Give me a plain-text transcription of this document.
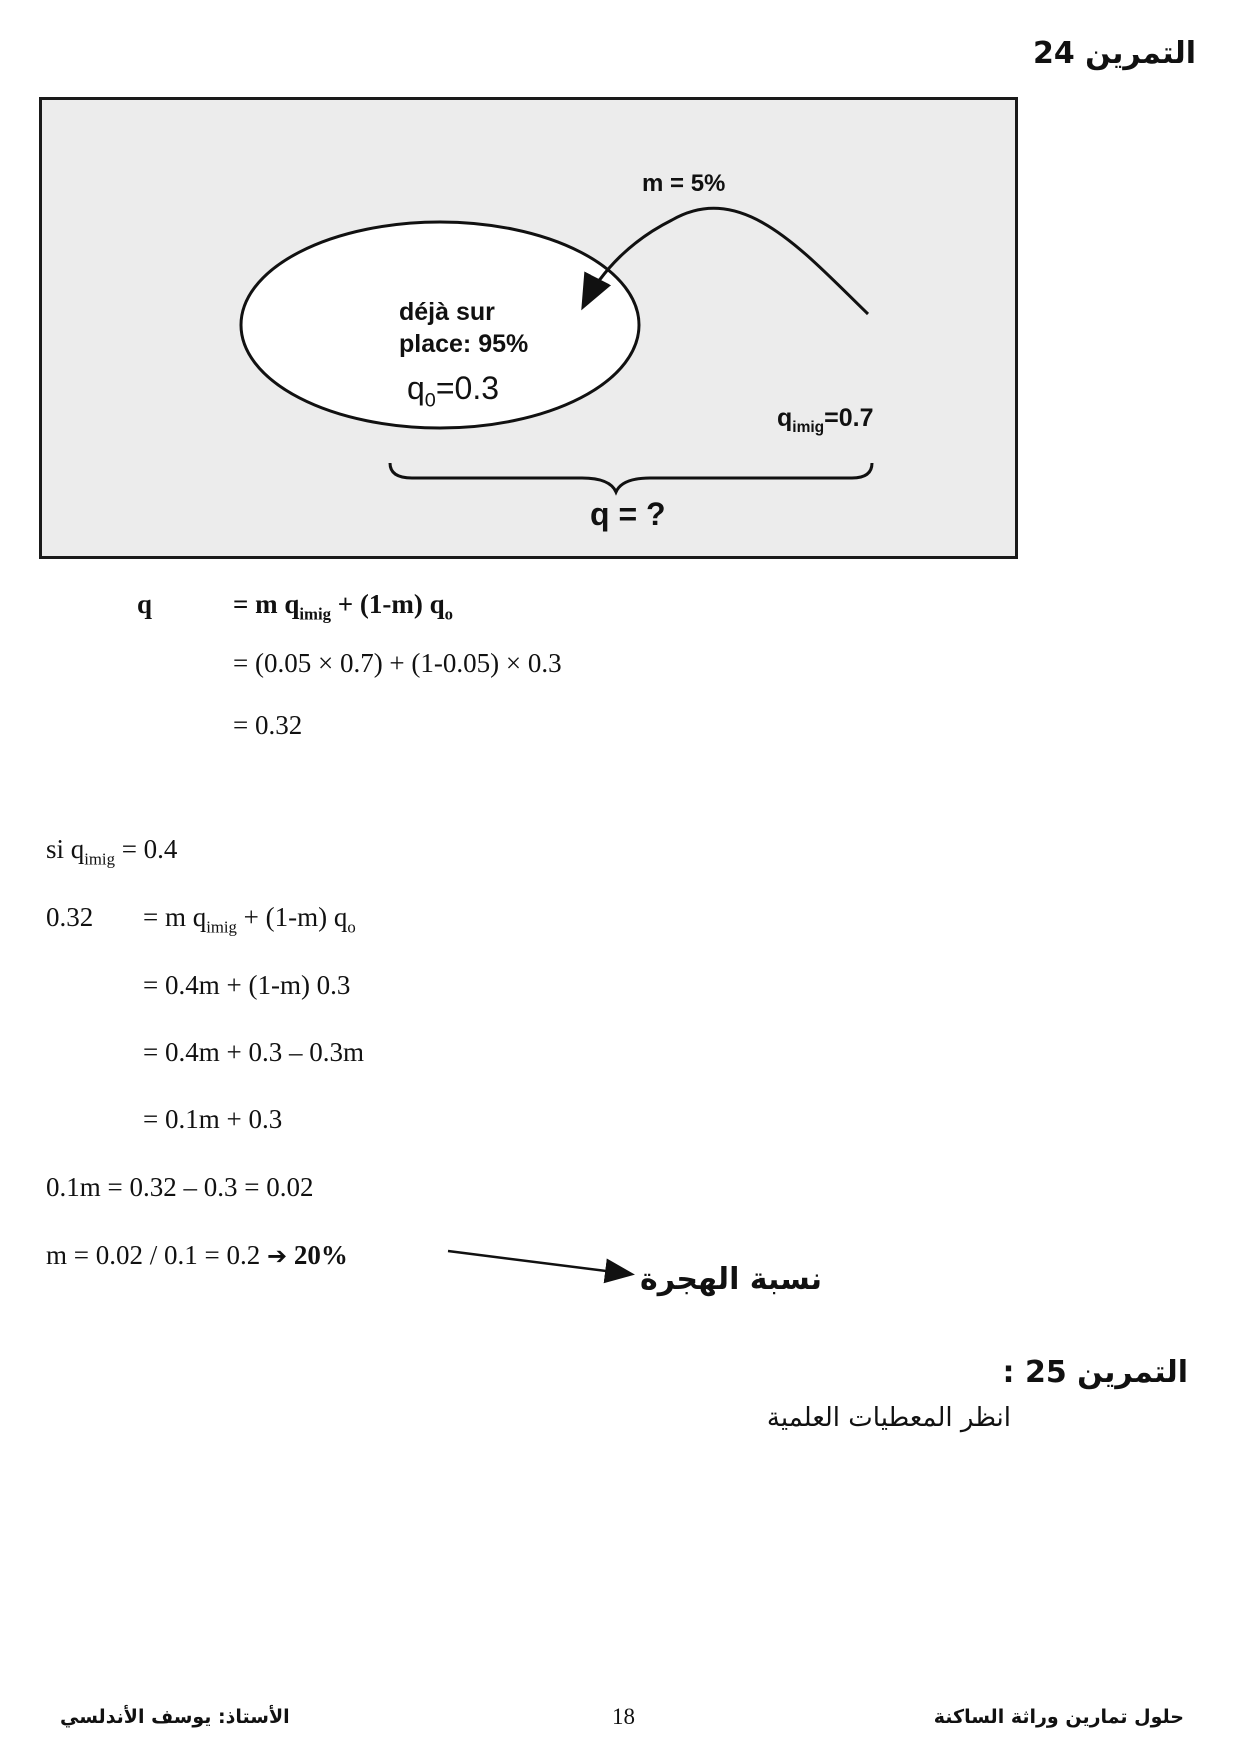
التمرين 24
m = 5%
déjà sur
place: 95%
$q_0=0.3$
$q_{imig}=0.7$
q = ?
q	= m $q_{imig} + (1-m)$ $q_o$
= (0.05 × 0.7) + (1-0.05) × 0.3
= 0.32
si $q_{imig} = 0.4$
0.32 = m $q_{imig} + (1-m)$ $q_o$
= 0.4m + (1-m) 0.3
= 0.4m + 0.3 – 0.3m
= 0.1m + 0.3
0.1m = 0.32 – 0.3 = 0.02
m = 0.02 / 0.1 = 0.2 ➔ 20%
نسبة الهجرة
التمرين 25 :
انظر المعطيات العلمية
حلول تمارين وراثة الساكنة
18
الأستاذ: يوسف الأندلسي
